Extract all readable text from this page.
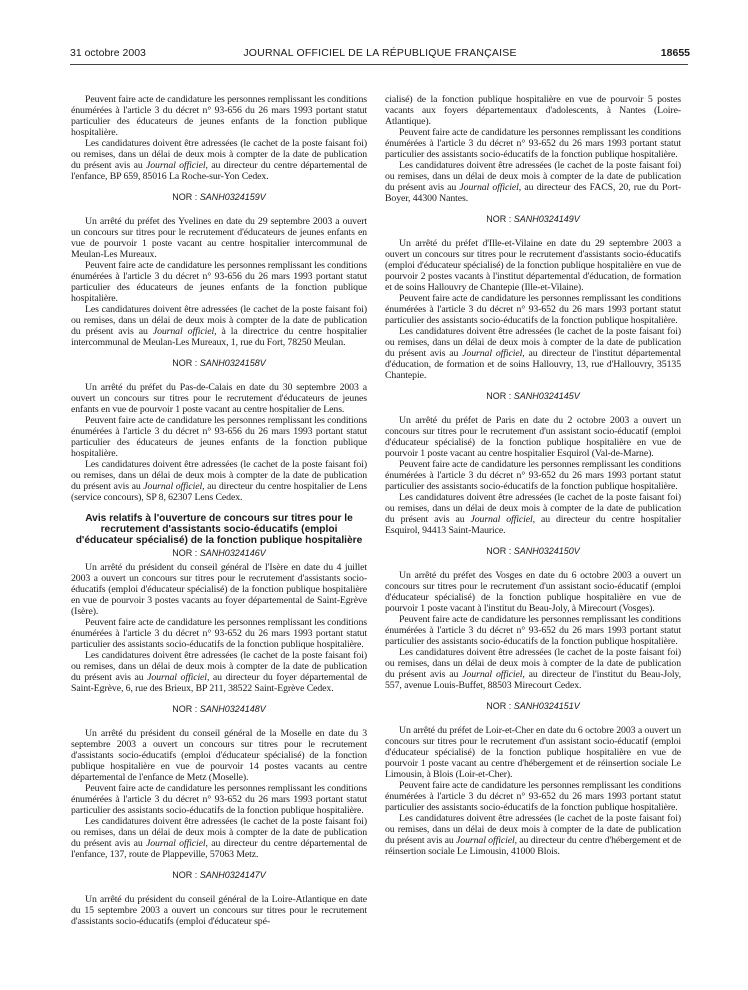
31 octobre 2003	JOURNAL OFFICIEL DE LA RÉPUBLIQUE FRANÇAISE	18655

Peuvent faire acte de candidature les personnes remplissant les conditions énumérées à l'article 3 du décret n° 93-656 du 26 mars 1993 portant statut particulier des éducateurs de jeunes enfants de la fonction publique hospitalière.

Les candidatures doivent être adressées (le cachet de la poste faisant foi) ou remises, dans un délai de deux mois à compter de la date de publication du présent avis au Journal officiel, au directeur du centre départemental de l'enfance, BP 659, 85016 La Roche-sur-Yon Cedex.

NOR : SANH0324159V

Un arrêté du préfet des Yvelines en date du 29 septembre 2003 a ouvert un concours sur titres pour le recrutement d'éducateurs de jeunes enfants en vue de pourvoir 1 poste vacant au centre hospitalier intercommunal de Meulan-Les Mureaux.

Peuvent faire acte de candidature les personnes remplissant les conditions énumérées à l'article 3 du décret n° 93-656 du 26 mars 1993 portant statut particulier des éducateurs de jeunes enfants de la fonction publique hospitalière.

Les candidatures doivent être adressées (le cachet de la poste faisant foi) ou remises, dans un délai de deux mois à compter de la date de publication du présent avis au Journal officiel, à la directrice du centre hospitalier intercommunal de Meulan-Les Mureaux, 1, rue du Fort, 78250 Meulan.

NOR : SANH0324158V

Un arrêté du préfet du Pas-de-Calais en date du 30 septembre 2003 a ouvert un concours sur titres pour le recrutement d'éducateurs de jeunes enfants en vue de pourvoir 1 poste vacant au centre hospitalier de Lens.

Peuvent faire acte de candidature les personnes remplissant les conditions énumérées à l'article 3 du décret n° 93-656 du 26 mars 1993 portant statut particulier des éducateurs de jeunes enfants de la fonction publique hospitalière.

Les candidatures doivent être adressées (le cachet de la poste faisant foi) ou remises, dans un délai de deux mois à compter de la date de publication du présent avis au Journal officiel, au directeur du centre hospitalier de Lens (service concours), SP 8, 62307 Lens Cedex.

Avis relatifs à l'ouverture de concours sur titres pour le recrutement d'assistants socio-éducatifs (emploi d'éducateur spécialisé) de la fonction publique hospitalière
NOR : SANH0324146V

Un arrêté du président du conseil général de l'Isère en date du 4 juillet 2003 a ouvert un concours sur titres pour le recrutement d'assistants socio-éducatifs (emploi d'éducateur spécialisé) de la fonction publique hospitalière en vue de pourvoir 3 postes vacants au foyer départemental de Saint-Egrève (Isère).

Peuvent faire acte de candidature les personnes remplissant les conditions énumérées à l'article 3 du décret n° 93-652 du 26 mars 1993 portant statut particulier des assistants socio-éducatifs de la fonction publique hospitalière.

Les candidatures doivent être adressées (le cachet de la poste faisant foi) ou remises, dans un délai de deux mois à compter de la date de publication du présent avis au Journal officiel, au directeur du foyer départemental de Saint-Egrève, 6, rue des Brieux, BP 211, 38522 Saint-Egrève Cedex.

NOR : SANH0324148V

Un arrêté du président du conseil général de la Moselle en date du 3 septembre 2003 a ouvert un concours sur titres pour le recrutement d'assistants socio-éducatifs (emploi d'éducateur spécialisé) de la fonction publique hospitalière en vue de pourvoir 14 postes vacants au centre départemental de l'enfance de Metz (Moselle).

Peuvent faire acte de candidature les personnes remplissant les conditions énumérées à l'article 3 du décret n° 93-652 du 26 mars 1993 portant statut particulier des assistants socio-éducatifs de la fonction publique hospitalière.

Les candidatures doivent être adressées (le cachet de la poste faisant foi) ou remises, dans un délai de deux mois à compter de la date de publication du présent avis au Journal officiel, au directeur du centre départemental de l'enfance, 137, route de Plappeville, 57063 Metz.

NOR : SANH0324147V

Un arrêté du président du conseil général de la Loire-Atlantique en date du 15 septembre 2003 a ouvert un concours sur titres pour le recrutement d'assistants socio-éducatifs (emploi d'éducateur spé-

cialisé) de la fonction publique hospitalière en vue de pourvoir 5 postes vacants aux foyers départementaux d'adolescents, à Nantes (Loire-Atlantique).

Peuvent faire acte de candidature les personnes remplissant les conditions énumérées à l'article 3 du décret n° 93-652 du 26 mars 1993 portant statut particulier des assistants socio-éducatifs de la fonction publique hospitalière.

Les candidatures doivent être adressées (le cachet de la poste faisant foi) ou remises, dans un délai de deux mois à compter de la date de publication du présent avis au Journal officiel, au directeur des FACS, 20, rue du Port-Boyer, 44300 Nantes.

NOR : SANH0324149V

Un arrêté du préfet d'Ille-et-Vilaine en date du 29 septembre 2003 a ouvert un concours sur titres pour le recrutement d'assistants socio-éducatifs (emploi d'éducateur spécialisé) de la fonction publique hospitalière en vue de pourvoir 2 postes vacants à l'institut départemental d'éducation, de formation et de soins Hallouvry de Chantepie (Ille-et-Vilaine).

Peuvent faire acte de candidature les personnes remplissant les conditions énumérées à l'article 3 du décret n° 93-652 du 26 mars 1993 portant statut particulier des assistants socio-éducatifs de la fonction publique hospitalière.

Les candidatures doivent être adressées (le cachet de la poste faisant foi) ou remises, dans un délai de deux mois à compter de la date de publication du présent avis au Journal officiel, au directeur de l'institut départemental d'éducation, de formation et de soins Hallouvry, 13, rue d'Hallouvry, 35135 Chantepie.

NOR : SANH0324145V

Un arrêté du préfet de Paris en date du 2 octobre 2003 a ouvert un concours sur titres pour le recrutement d'un assistant socio-éducatif (emploi d'éducateur spécialisé) de la fonction publique hospitalière en vue de pourvoir 1 poste vacant au centre hospitalier Esquirol (Val-de-Marne).

Peuvent faire acte de candidature les personnes remplissant les conditions énumérées à l'article 3 du décret n° 93-652 du 26 mars 1993 portant statut particulier des assistants socio-éducatifs de la fonction publique hospitalière.

Les candidatures doivent être adressées (le cachet de la poste faisant foi) ou remises, dans un délai de deux mois à compter de la date de publication du présent avis au Journal officiel, au directeur du centre hospitalier Esquirol, 94413 Saint-Maurice.

NOR : SANH0324150V

Un arrêté du préfet des Vosges en date du 6 octobre 2003 a ouvert un concours sur titres pour le recrutement d'un assistant socio-éducatif (emploi d'éducateur spécialisé) de la fonction publique hospitalière en vue de pourvoir 1 poste vacant à l'institut du Beau-Joly, à Mirecourt (Vosges).

Peuvent faire acte de candidature les personnes remplissant les conditions énumérées à l'article 3 du décret n° 93-652 du 26 mars 1993 portant statut particulier des assistants socio-éducatifs de la fonction publique hospitalière.

Les candidatures doivent être adressées (le cachet de la poste faisant foi) ou remises, dans un délai de deux mois à compter de la date de publication du présent avis au Journal officiel, au directeur de l'institut du Beau-Joly, 557, avenue Louis-Buffet, 88503 Mirecourt Cedex.

NOR : SANH0324151V

Un arrêté du préfet de Loir-et-Cher en date du 6 octobre 2003 a ouvert un concours sur titres pour le recrutement d'un assistant socio-éducatif (emploi d'éducateur spécialisé) de la fonction publique hospitalière en vue de pourvoir 1 poste vacant au centre d'hébergement et de réinsertion sociale Le Limousin, à Blois (Loir-et-Cher).

Peuvent faire acte de candidature les personnes remplissant les conditions énumérées à l'article 3 du décret n° 93-652 du 26 mars 1993 portant statut particulier des assistants socio-éducatifs de la fonction publique hospitalière.

Les candidatures doivent être adressées (le cachet de la poste faisant foi) ou remises, dans un délai de deux mois à compter de la date de publication du présent avis au Journal officiel, au directeur du centre d'hébergement et de réinsertion sociale Le Limousin, 41000 Blois.
